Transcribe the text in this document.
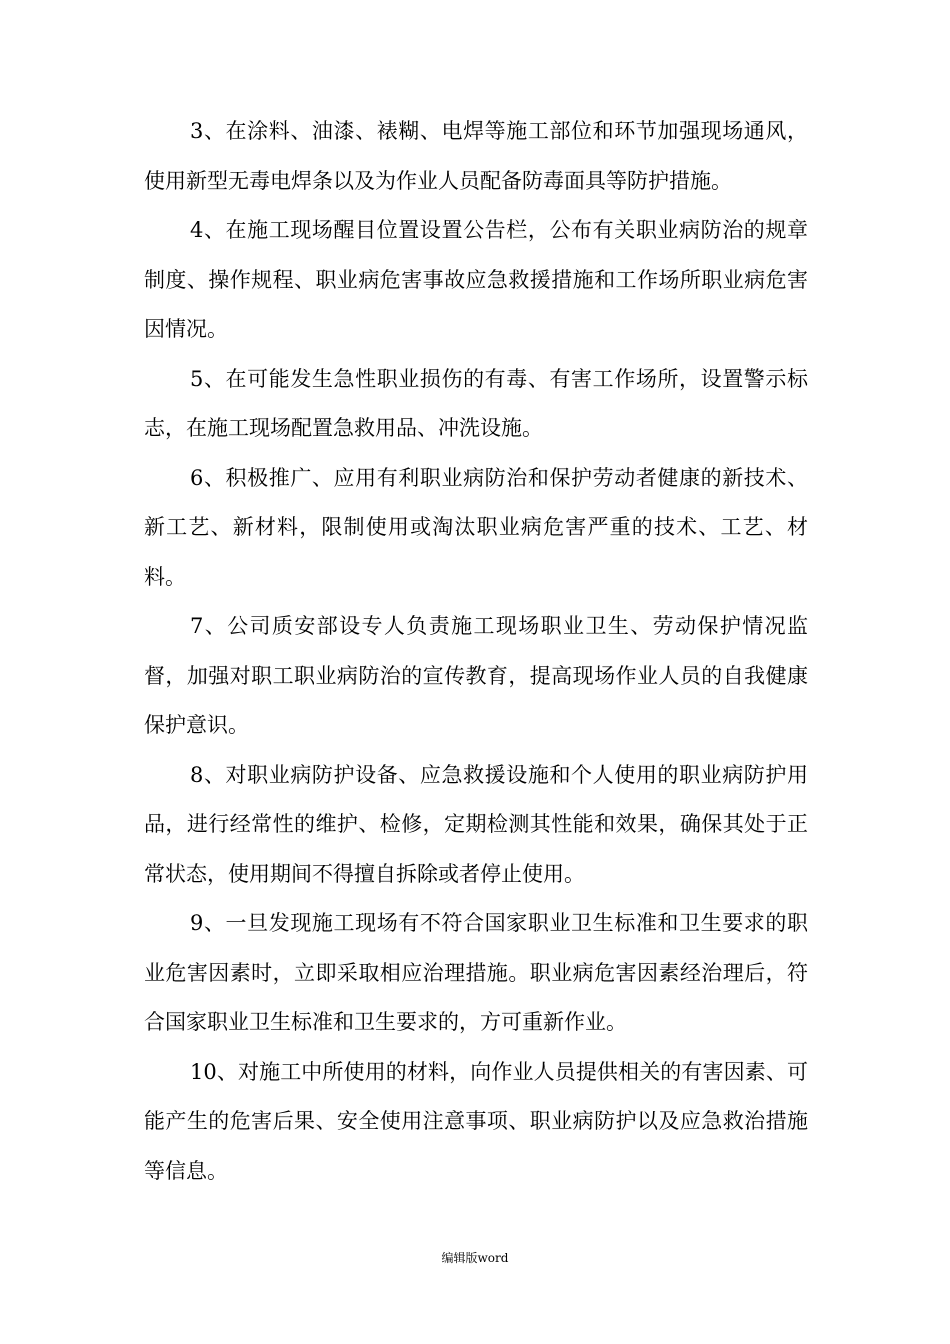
3、在涂料、油漆、裱糊、电焊等施工部位和环节加强现场通风，使用新型无毒电焊条以及为作业人员配备防毒面具等防护措施。

4、在施工现场醒目位置设置公告栏，公布有关职业病防治的规章制度、操作规程、职业病危害事故应急救援措施和工作场所职业病危害因情况。

5、在可能发生急性职业损伤的有毒、有害工作场所，设置警示标志，在施工现场配置急救用品、冲洗设施。

6、积极推广、应用有利职业病防治和保护劳动者健康的新技术、新工艺、新材料，限制使用或淘汰职业病危害严重的技术、工艺、材料。

7、公司质安部设专人负责施工现场职业卫生、劳动保护情况监督，加强对职工职业病防治的宣传教育，提高现场作业人员的自我健康保护意识。

8、对职业病防护设备、应急救援设施和个人使用的职业病防护用品，进行经常性的维护、检修，定期检测其性能和效果，确保其处于正常状态，使用期间不得擅自拆除或者停止使用。

9、一旦发现施工现场有不符合国家职业卫生标准和卫生要求的职业危害因素时，立即采取相应治理措施。职业病危害因素经治理后，符合国家职业卫生标准和卫生要求的，方可重新作业。

10、对施工中所使用的材料，向作业人员提供相关的有害因素、可能产生的危害后果、安全使用注意事项、职业病防护以及应急救治措施等信息。

编辑版word
